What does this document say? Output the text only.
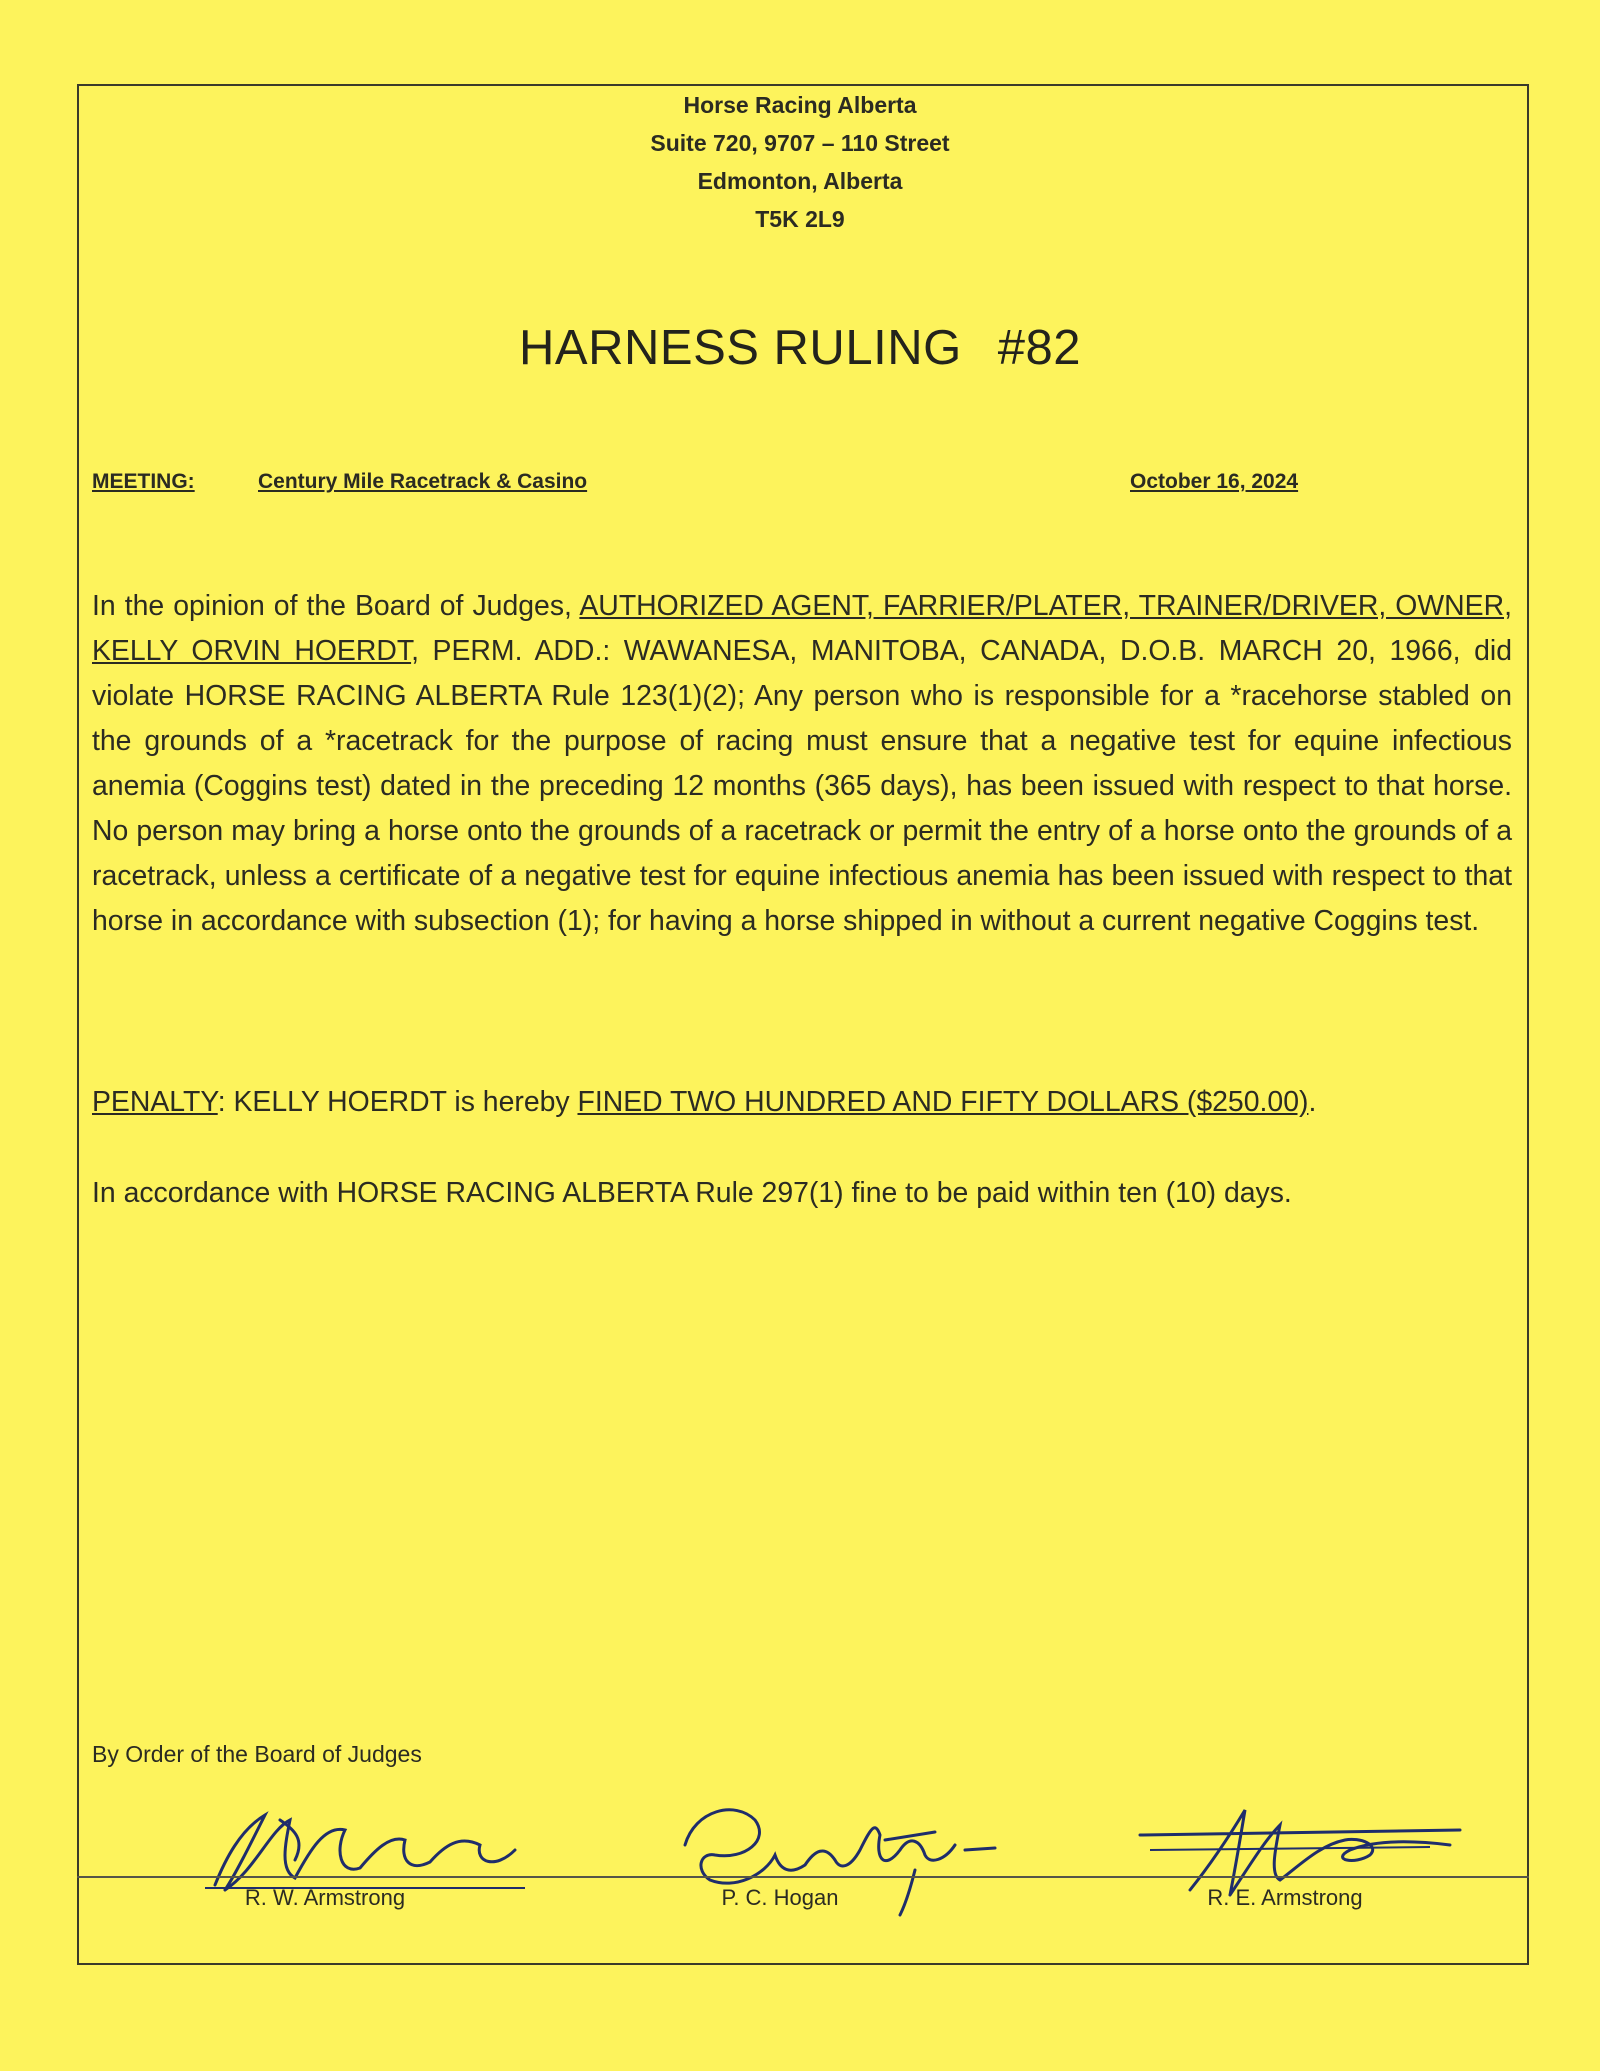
Horse Racing Alberta
Suite 720, 9707 – 110 Street
Edmonton, Alberta
T5K 2L9
HARNESS RULING #82
MEETING:	Century Mile Racetrack & Casino	October 16, 2024
In the opinion of the Board of Judges, AUTHORIZED AGENT, FARRIER/PLATER, TRAINER/DRIVER, OWNER, KELLY ORVIN HOERDT, PERM. ADD.: WAWANESA, MANITOBA, CANADA, D.O.B. MARCH 20, 1966, did violate HORSE RACING ALBERTA Rule 123(1)(2); Any person who is responsible for a *racehorse stabled on the grounds of a *racetrack for the purpose of racing must ensure that a negative test for equine infectious anemia (Coggins test) dated in the preceding 12 months (365 days), has been issued with respect to that horse. No person may bring a horse onto the grounds of a racetrack or permit the entry of a horse onto the grounds of a racetrack, unless a certificate of a negative test for equine infectious anemia has been issued with respect to that horse in accordance with subsection (1); for having a horse shipped in without a current negative Coggins test.
PENALTY: KELLY HOERDT is hereby FINED TWO HUNDRED AND FIFTY DOLLARS ($250.00).
In accordance with HORSE RACING ALBERTA Rule 297(1) fine to be paid within ten (10) days.
By Order of the Board of Judges
R. W. Armstrong	P. C. Hogan	R. E. Armstrong
